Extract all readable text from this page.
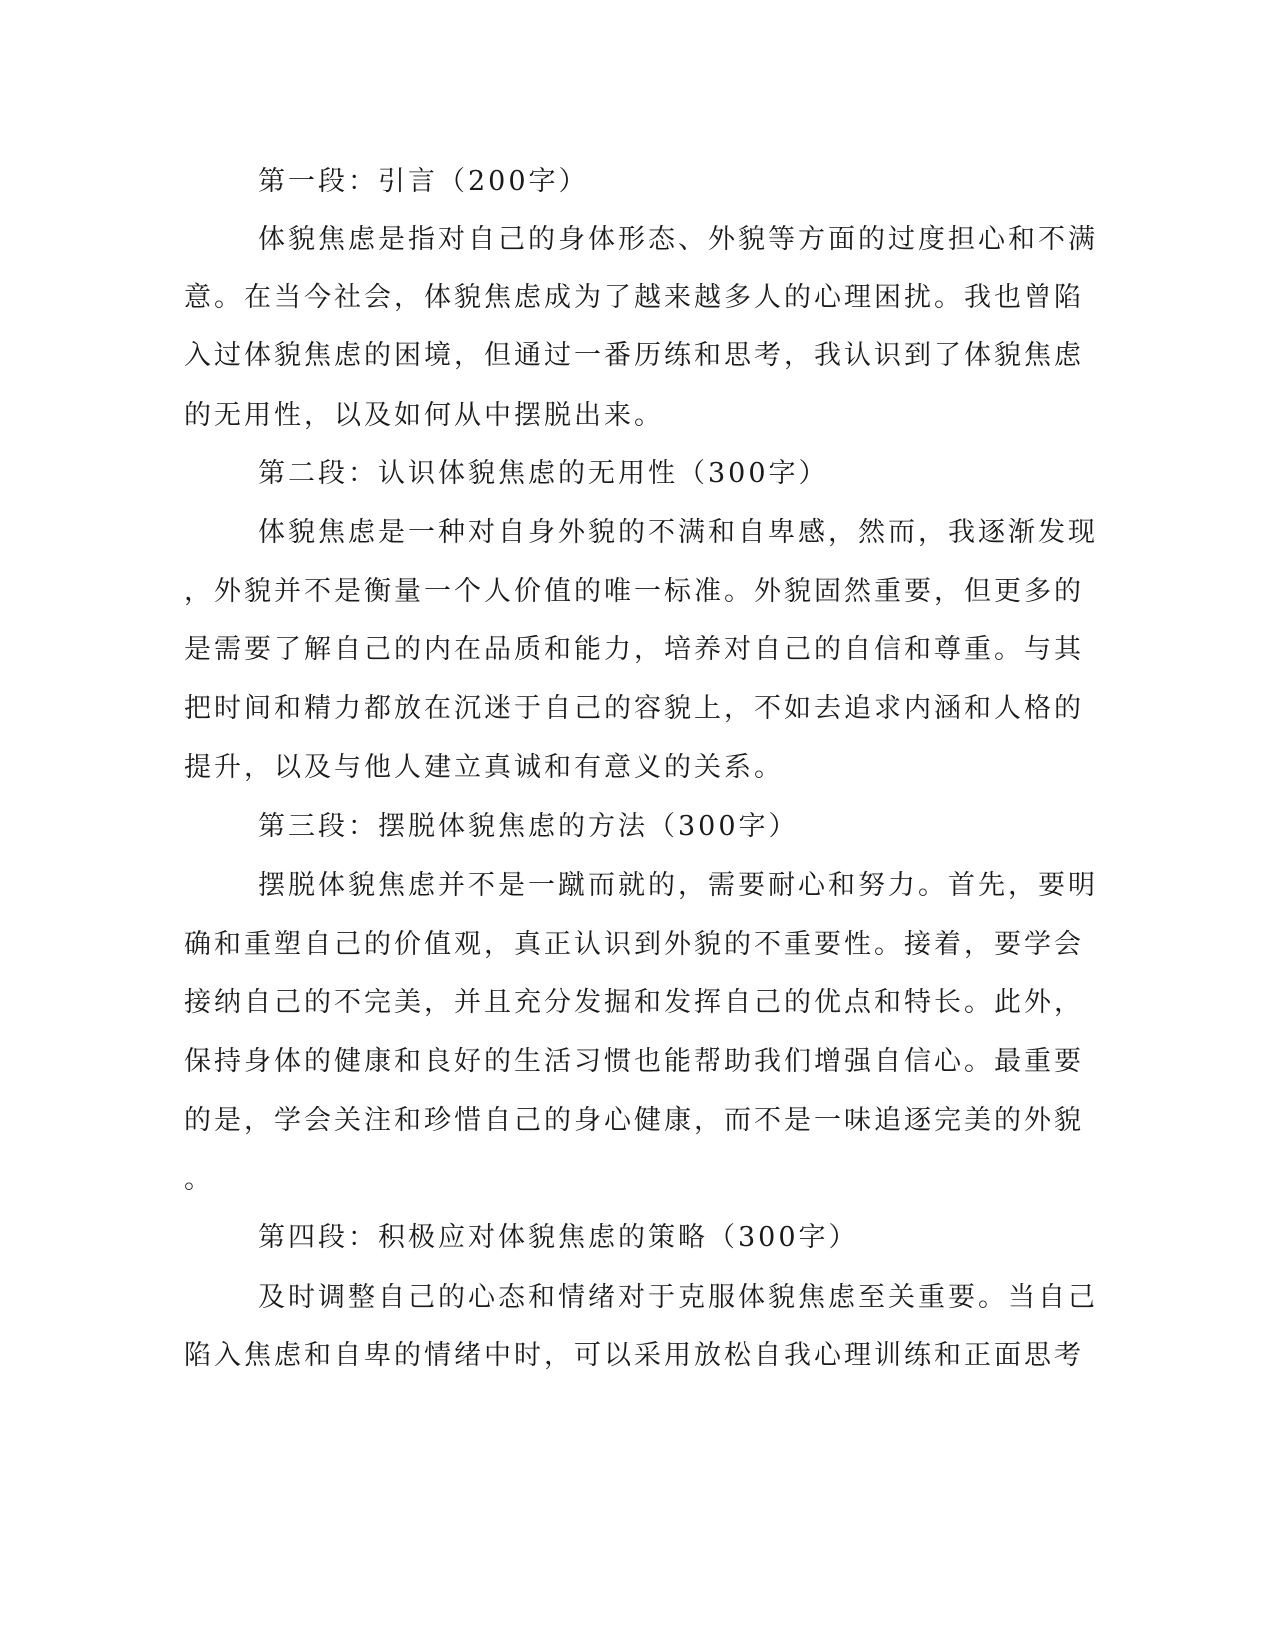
第一段：引言（200字）
体貌焦虑是指对自己的身体形态、外貌等方面的过度担心和不满
意。在当今社会，体貌焦虑成为了越来越多人的心理困扰。我也曾陷
入过体貌焦虑的困境，但通过一番历练和思考，我认识到了体貌焦虑
的无用性，以及如何从中摆脱出来。
第二段：认识体貌焦虑的无用性（300字）
体貌焦虑是一种对自身外貌的不满和自卑感，然而，我逐渐发现
，外貌并不是衡量一个人价值的唯一标准。外貌固然重要，但更多的
是需要了解自己的内在品质和能力，培养对自己的自信和尊重。与其
把时间和精力都放在沉迷于自己的容貌上，不如去追求内涵和人格的
提升，以及与他人建立真诚和有意义的关系。
第三段：摆脱体貌焦虑的方法（300字）
摆脱体貌焦虑并不是一蹴而就的，需要耐心和努力。首先，要明
确和重塑自己的价值观，真正认识到外貌的不重要性。接着，要学会
接纳自己的不完美，并且充分发掘和发挥自己的优点和特长。此外，
保持身体的健康和良好的生活习惯也能帮助我们增强自信心。最重要
的是，学会关注和珍惜自己的身心健康，而不是一味追逐完美的外貌
。
第四段：积极应对体貌焦虑的策略（300字）
及时调整自己的心态和情绪对于克服体貌焦虑至关重要。当自己
陷入焦虑和自卑的情绪中时，可以采用放松自我心理训练和正面思考
